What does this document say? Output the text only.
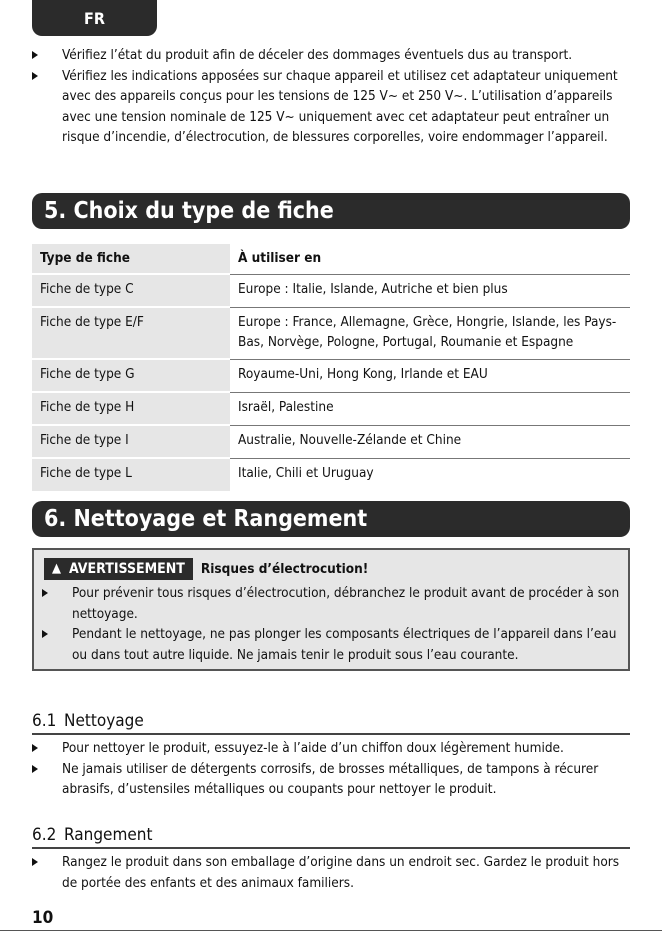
FR
Vérifiez l’état du produit afin de déceler des dommages éventuels dus au transport.
Vérifiez les indications apposées sur chaque appareil et utilisez cet adaptateur uniquement avec des appareils conçus pour les tensions de 125 V~ et 250 V~. L’utilisation d’appareils avec une tension nominale de 125 V~ uniquement avec cet adaptateur peut entraîner un risque d’incendie, d’électrocution, de blessures corporelles, voire endommager l’appareil.
5. Choix du type de fiche
Type de fiche	À utiliser en
Fiche de type C	Europe : Italie, Islande, Autriche et bien plus
Fiche de type E/F	Europe : France, Allemagne, Grèce, Hongrie, Islande, les Pays-Bas, Norvège, Pologne, Portugal, Roumanie et Espagne
Fiche de type G	Royaume-Uni, Hong Kong, Irlande et EAU
Fiche de type H	Israël, Palestine
Fiche de type I	Australie, Nouvelle-Zélande et Chine
Fiche de type L	Italie, Chili et Uruguay
6. Nettoyage et Rangement
▲ AVERTISSEMENT Risques d’électrocution!
Pour prévenir tous risques d’électrocution, débranchez le produit avant de procéder à son nettoyage.
Pendant le nettoyage, ne pas plonger les composants électriques de l’appareil dans l’eau ou dans tout autre liquide. Ne jamais tenir le produit sous l’eau courante.
6.1 Nettoyage
Pour nettoyer le produit, essuyez-le à l’aide d’un chiffon doux légèrement humide.
Ne jamais utiliser de détergents corrosifs, de brosses métalliques, de tampons à récurer abrasifs, d’ustensiles métalliques ou coupants pour nettoyer le produit.
6.2 Rangement
Rangez le produit dans son emballage d’origine dans un endroit sec. Gardez le produit hors de portée des enfants et des animaux familiers.
10
